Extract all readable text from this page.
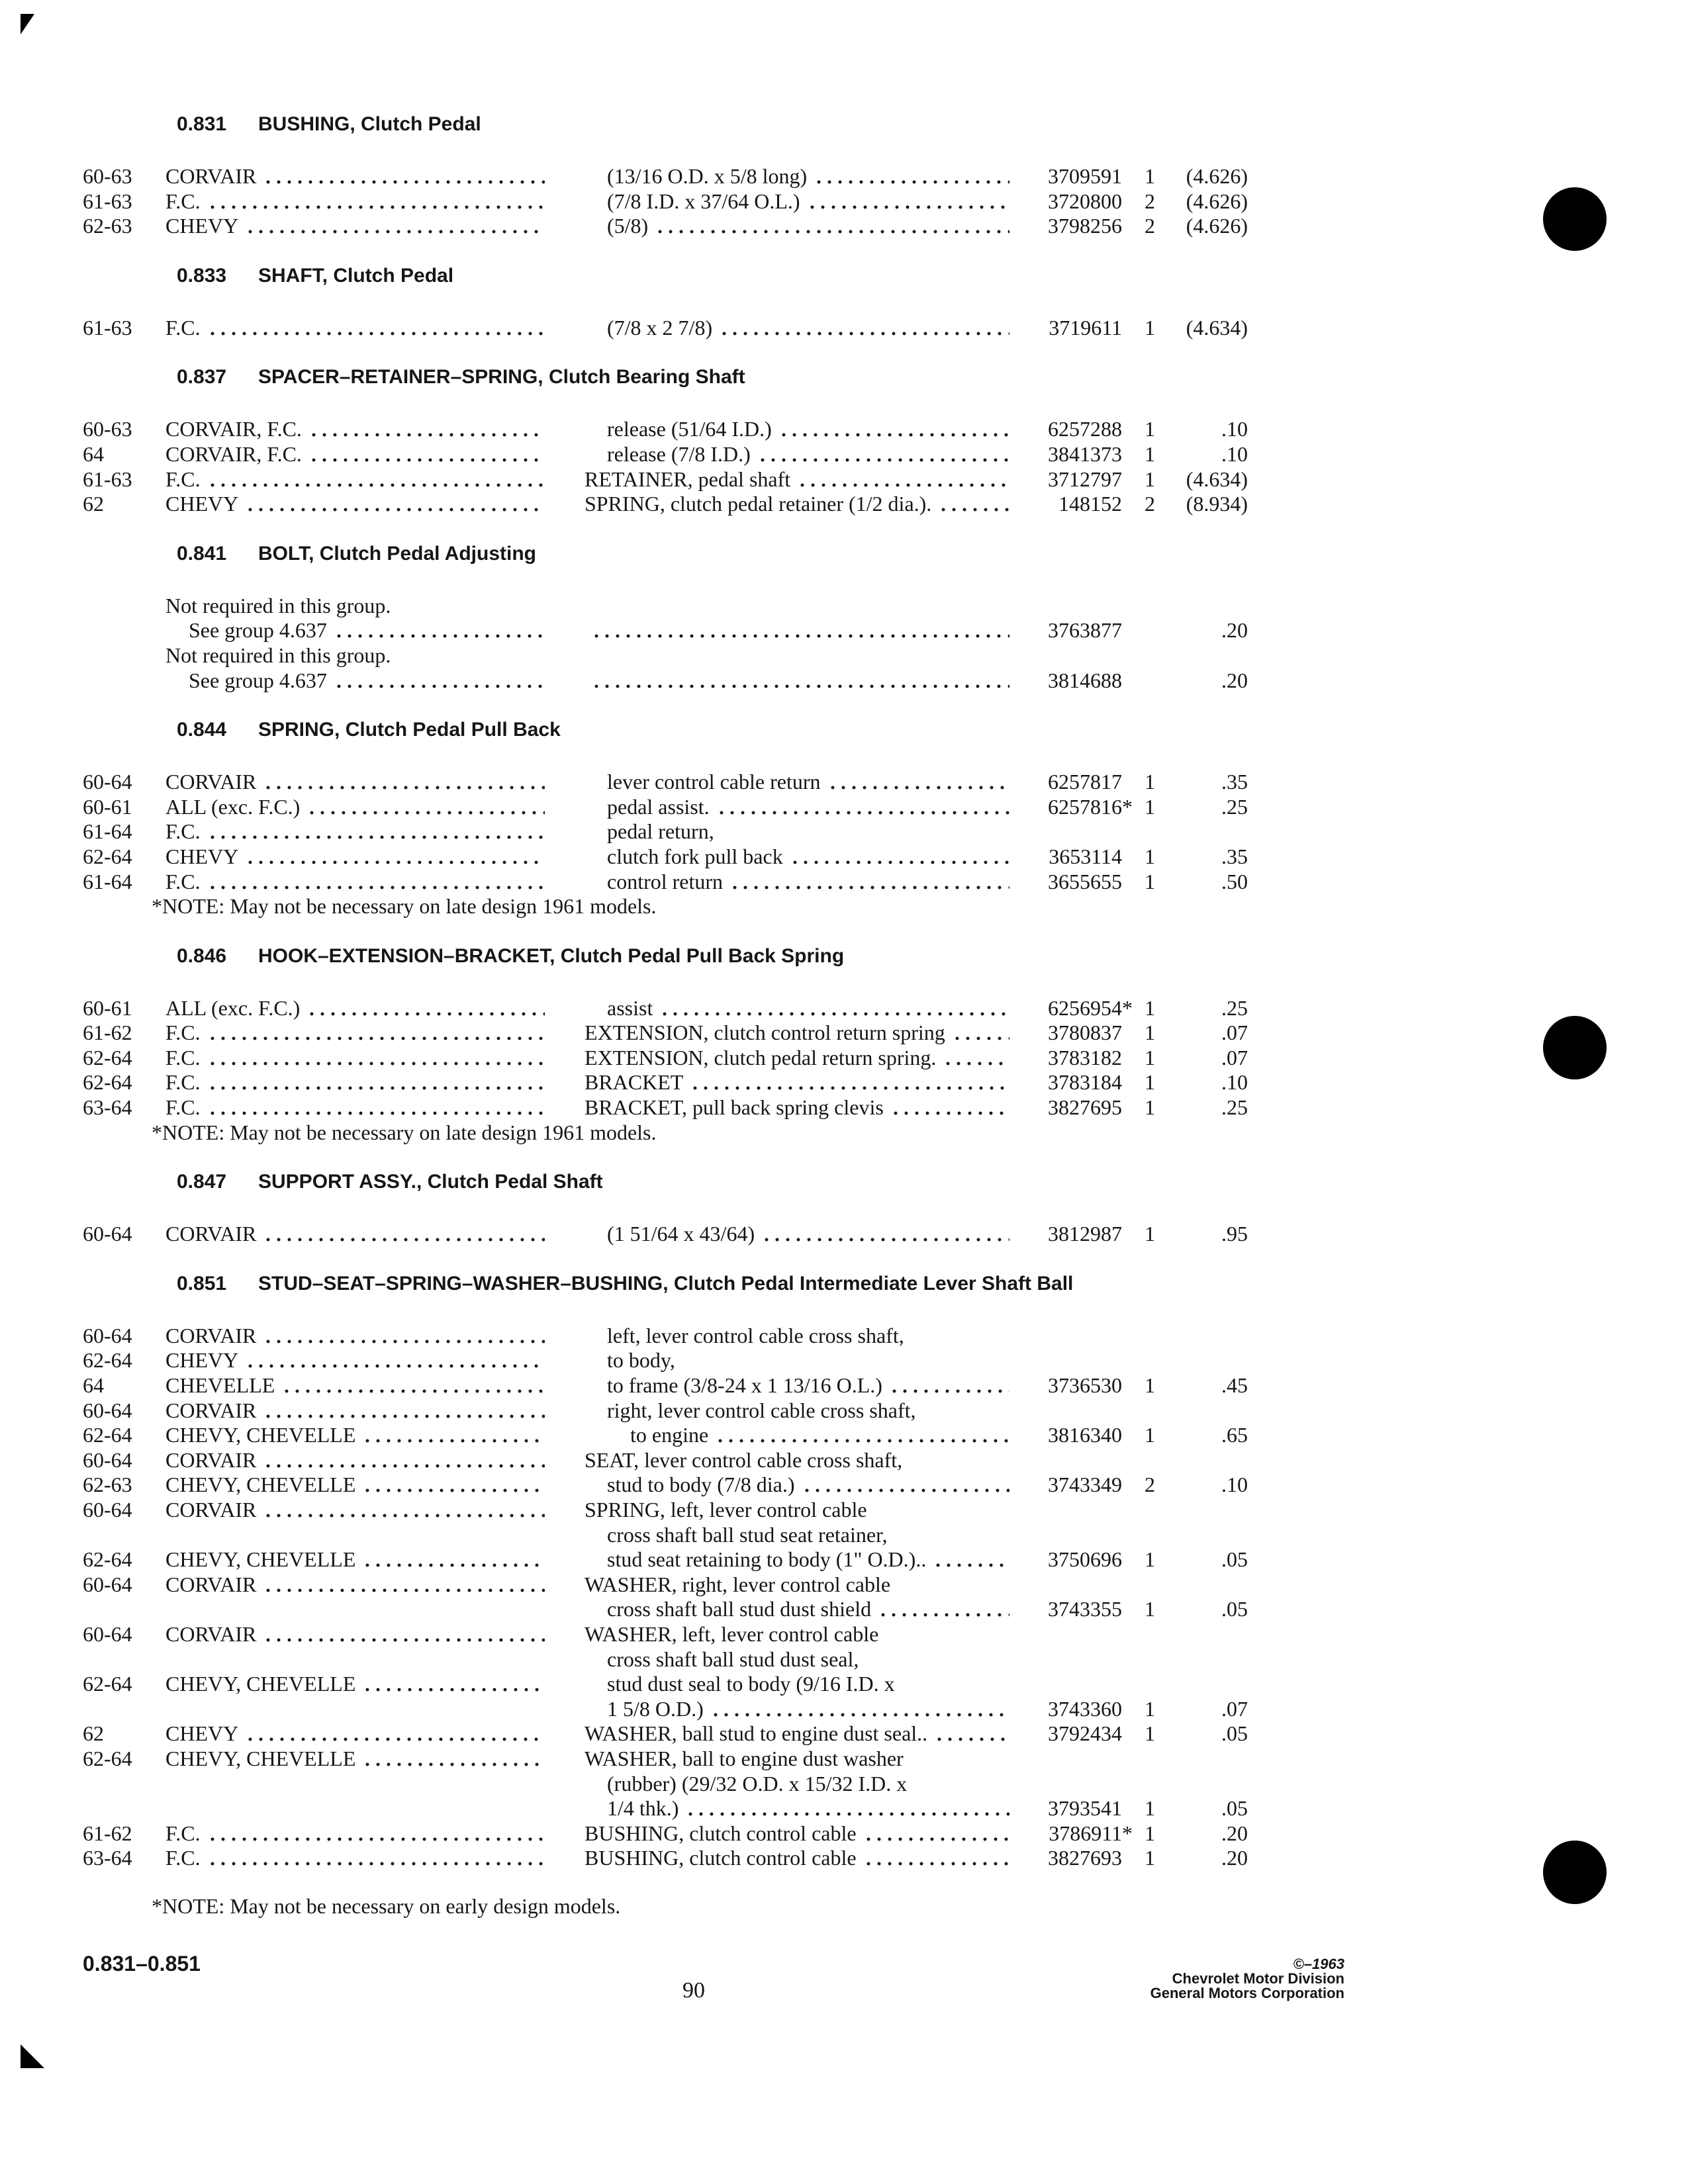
0.831 BUSHING, Clutch Pedal
60-63 CORVAIR	(13/16 O.D. x 5/8 long)	3709591 1 (4.626)
61-63 F.C.	(7/8 I.D. x 37/64 O.L.)	3720800 2 (4.626)
62-63 CHEVY	(5/8)	3798256 2 (4.626)
0.833 SHAFT, Clutch Pedal
61-63 F.C.	(7/8 x 2 7/8)	3719611 1 (4.634)
0.837 SPACER–RETAINER–SPRING, Clutch Bearing Shaft
60-63 CORVAIR, F.C.	release (51/64 I.D.)	6257288 1	.10
64	CORVAIR, F.C.	release (7/8 I.D.)	3841373 1	.10
61-63 F.C.	RETAINER, pedal shaft	3712797 1 (4.634)
62	CHEVY	SPRING, clutch pedal retainer (1/2 dia.).	148152 2 (8.934)
0.841 BOLT, Clutch Pedal Adjusting
Not required in this group.
See group 4.637	3763877	.20
Not required in this group.
See group 4.637	3814688	.20
0.844 SPRING, Clutch Pedal Pull Back
60-64 CORVAIR	lever control cable return	6257817 1	.35
60-61 ALL (exc. F.C.)	pedal assist.	6257816* 1	.25
61-64 F.C.	pedal return,
62-64 CHEVY	clutch fork pull back	3653114 1	.35
61-64 F.C.	control return	3655655 1	.50
*NOTE: May not be necessary on late design 1961 models.
0.846 HOOK–EXTENSION–BRACKET, Clutch Pedal Pull Back Spring
60-61 ALL (exc. F.C.)	assist	6256954* 1	.25
61-62 F.C.	EXTENSION, clutch control return spring	3780837 1	.07
62-64 F.C.	EXTENSION, clutch pedal return spring.	3783182 1	.07
62-64 F.C.	BRACKET	3783184 1	.10
63-64 F.C.	BRACKET, pull back spring clevis	3827695 1	.25
*NOTE: May not be necessary on late design 1961 models.
0.847 SUPPORT ASSY., Clutch Pedal Shaft
60-64 CORVAIR	(1 51/64 x 43/64)	3812987 1	.95
0.851 STUD–SEAT–SPRING–WASHER–BUSHING, Clutch Pedal Intermediate Lever Shaft Ball
60-64 CORVAIR	left, lever control cable cross shaft,
62-64 CHEVY	to body,
64	CHEVELLE	to frame (3/8-24 x 1 13/16 O.L.)	3736530 1	.45
60-64 CORVAIR	right, lever control cable cross shaft,
62-64 CHEVY, CHEVELLE	to engine	3816340 1	.65
60-64 CORVAIR	SEAT, lever control cable cross shaft,
62-63 CHEVY, CHEVELLE	stud to body (7/8 dia.)	3743349 2	.10
60-64 CORVAIR	SPRING, left, lever control cable
cross shaft ball stud seat retainer,
62-64 CHEVY, CHEVELLE	stud seat retaining to body (1" O.D.)..	3750696 1	.05
60-64 CORVAIR	WASHER, right, lever control cable
cross shaft ball stud dust shield	3743355 1	.05
60-64 CORVAIR	WASHER, left, lever control cable
cross shaft ball stud dust seal,
62-64 CHEVY, CHEVELLE	stud dust seal to body (9/16 I.D. x
1 5/8 O.D.)	3743360 1	.07
62	CHEVY	WASHER, ball stud to engine dust seal..	3792434 1	.05
62-64 CHEVY, CHEVELLE	WASHER, ball to engine dust washer
(rubber) (29/32 O.D. x 15/32 I.D. x
1/4 thk.)	3793541 1	.05
61-62 F.C.	BUSHING, clutch control cable	3786911* 1	.20
63-64 F.C.	BUSHING, clutch control cable	3827693 1	.20
*NOTE: May not be necessary on early design models.
0.831–0.851
90
©–1963
Chevrolet Motor Division
General Motors Corporation
